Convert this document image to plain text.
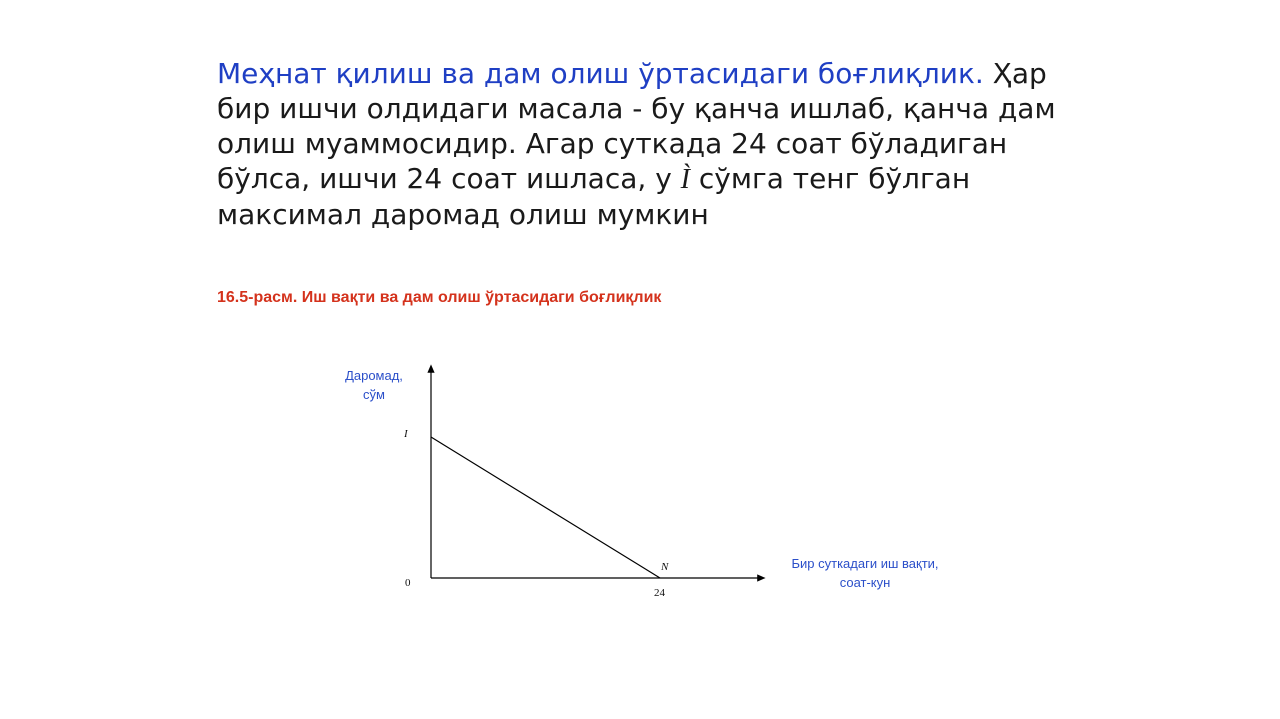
Меҳнат қилиш ва дам олиш ўртасидаги боғлиқлик. Ҳар бир ишчи олдидаги масала - бу қанча ишлаб, қанча дам олиш муаммосидир. Агар суткада 24 соат бўладиган бўлса, ишчи 24 соат ишласа, у Ì сўмга тенг бўлган максимал даромад олиш мумкин
16.5-расм. Иш вақти ва дам олиш ўртасидаги боғлиқлик
Даромад,
сўм
Бир суткадаги иш вақти,
соат-кун
0
24
I
N
